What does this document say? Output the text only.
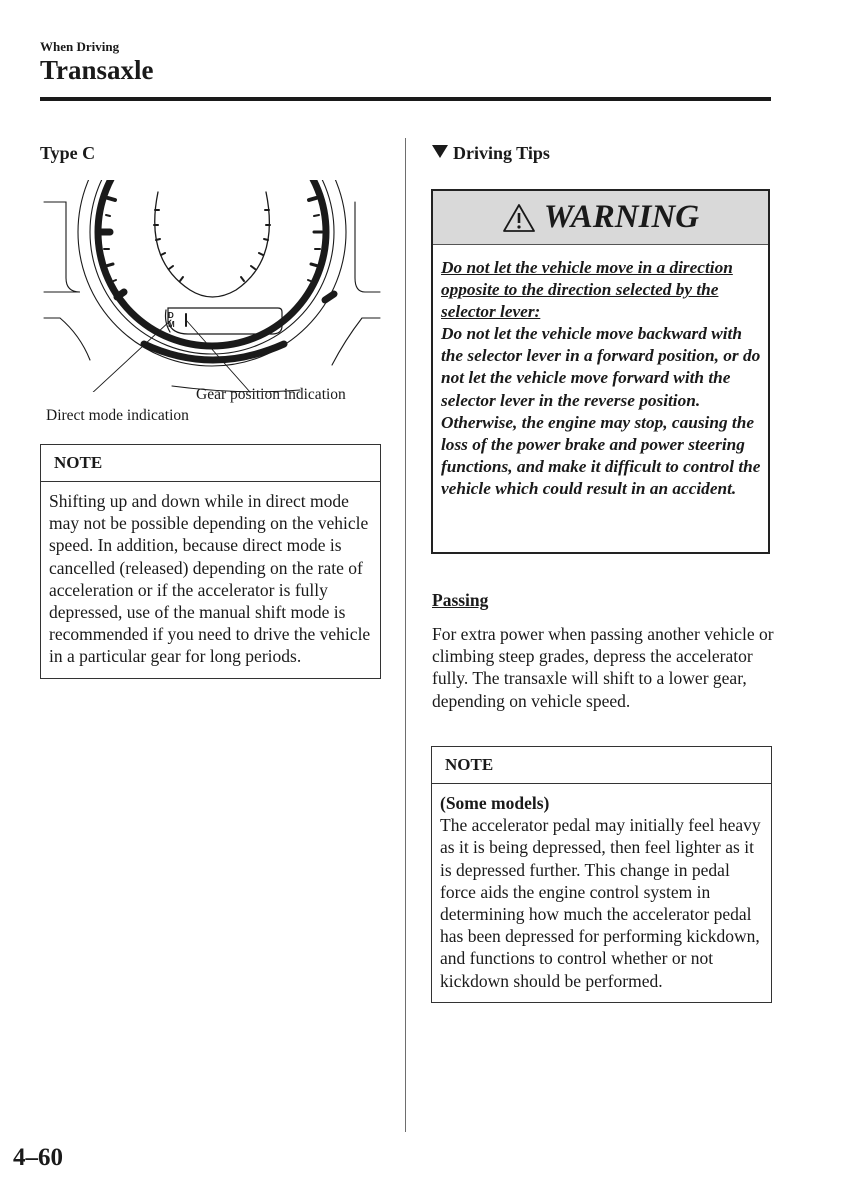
When Driving
Transaxle
Type C
D
M
Gear position indication
Direct mode indication
NOTE
Shifting up and down while in direct mode may not be possible depending on the vehicle speed. In addition, because direct mode is cancelled (released) depending on the rate of acceleration or if the accelerator is fully depressed, use of the manual shift mode is recommended if you need to drive the vehicle in a particular gear for long periods.
Driving Tips
WARNING
Do not let the vehicle move in a direction opposite to the direction selected by the selector lever:
Do not let the vehicle move backward with the selector lever in a forward position, or do not let the vehicle move forward with the selector lever in the reverse position. Otherwise, the engine may stop, causing the loss of the power brake and power steering functions, and make it difficult to control the vehicle which could result in an accident.
Passing
For extra power when passing another vehicle or climbing steep grades, depress the accelerator fully. The transaxle will shift to a lower gear, depending on vehicle speed.
NOTE
(Some models)
The accelerator pedal may initially feel heavy as it is being depressed, then feel lighter as it is depressed further. This change in pedal force aids the engine control system in determining how much the accelerator pedal has been depressed for performing kickdown, and functions to control whether or not kickdown should be performed.
4–60
